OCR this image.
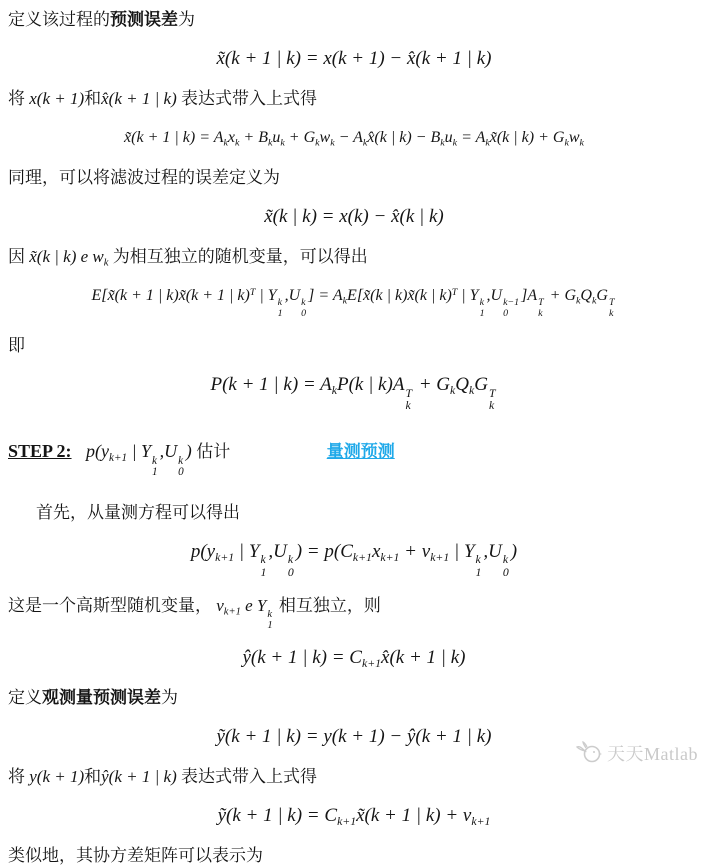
定义该过程的预测误差为

x̃(k + 1 | k) = x(k + 1) − x̂(k + 1 | k)

将 x(k + 1)和x̂(k + 1 | k) 表达式带入上式得

x̃(k + 1 | $k) = A_kx_k + B_ku_k + G_kw_k$ − $A_kx̂(k$ | $k) - B_ku_k$ = $A_kx̃(k$ | $k) + G_kw_k$

同理，可以将滤波过程的误差定义为

x̃(k | k) = x(k) − x̂(k | k)

因 x̃(k | k) e $w_k$ 为相互独立的随机变量，可以得出

E[x̃(k + 1 | k)x̃(k + 1 | k)$^T$ | Y k
1
,U k
0
] = $A_kE[x̃(k$ | k)x̃(k | k)$^T$ | Y k
1
,U k−1
0
]A T
k
+ $G_kQ_kG$ T
k

即

P(k + 1 | $k) = A_kP(k$ | k)A T
k
+ $G_kQ_kG$ T
k
STEP 2: $p(y_{k+1}$ | Y k
1
,U k
0
) 估计	量测预测

首先，从量测方程可以得出

$p(y_{k+1}$ | Y k
1
,U k
0
) = $p(C_{k+1}x_{k+1} + v_{k+1}$ | Y k
1
,U k
0
)

这是一个高斯型随机变量， $v_{k+1}$ e Y k
1
相互独立，则

ŷ(k + 1 | $k) = C_{k+1}x̂(k + 1$ | k)

定义观测量预测误差为

ỹ(k + 1 | k) = y(k + 1) − ŷ(k + 1 | k)

将 y(k + 1)和ŷ(k + 1 | k) 表达式带入上式得

ỹ(k + 1 | $k) = C_{k+1}x̃(k + 1$ | $k) + v_{k+1}$

类似地，其协方差矩阵可以表示为

天天Matlab
